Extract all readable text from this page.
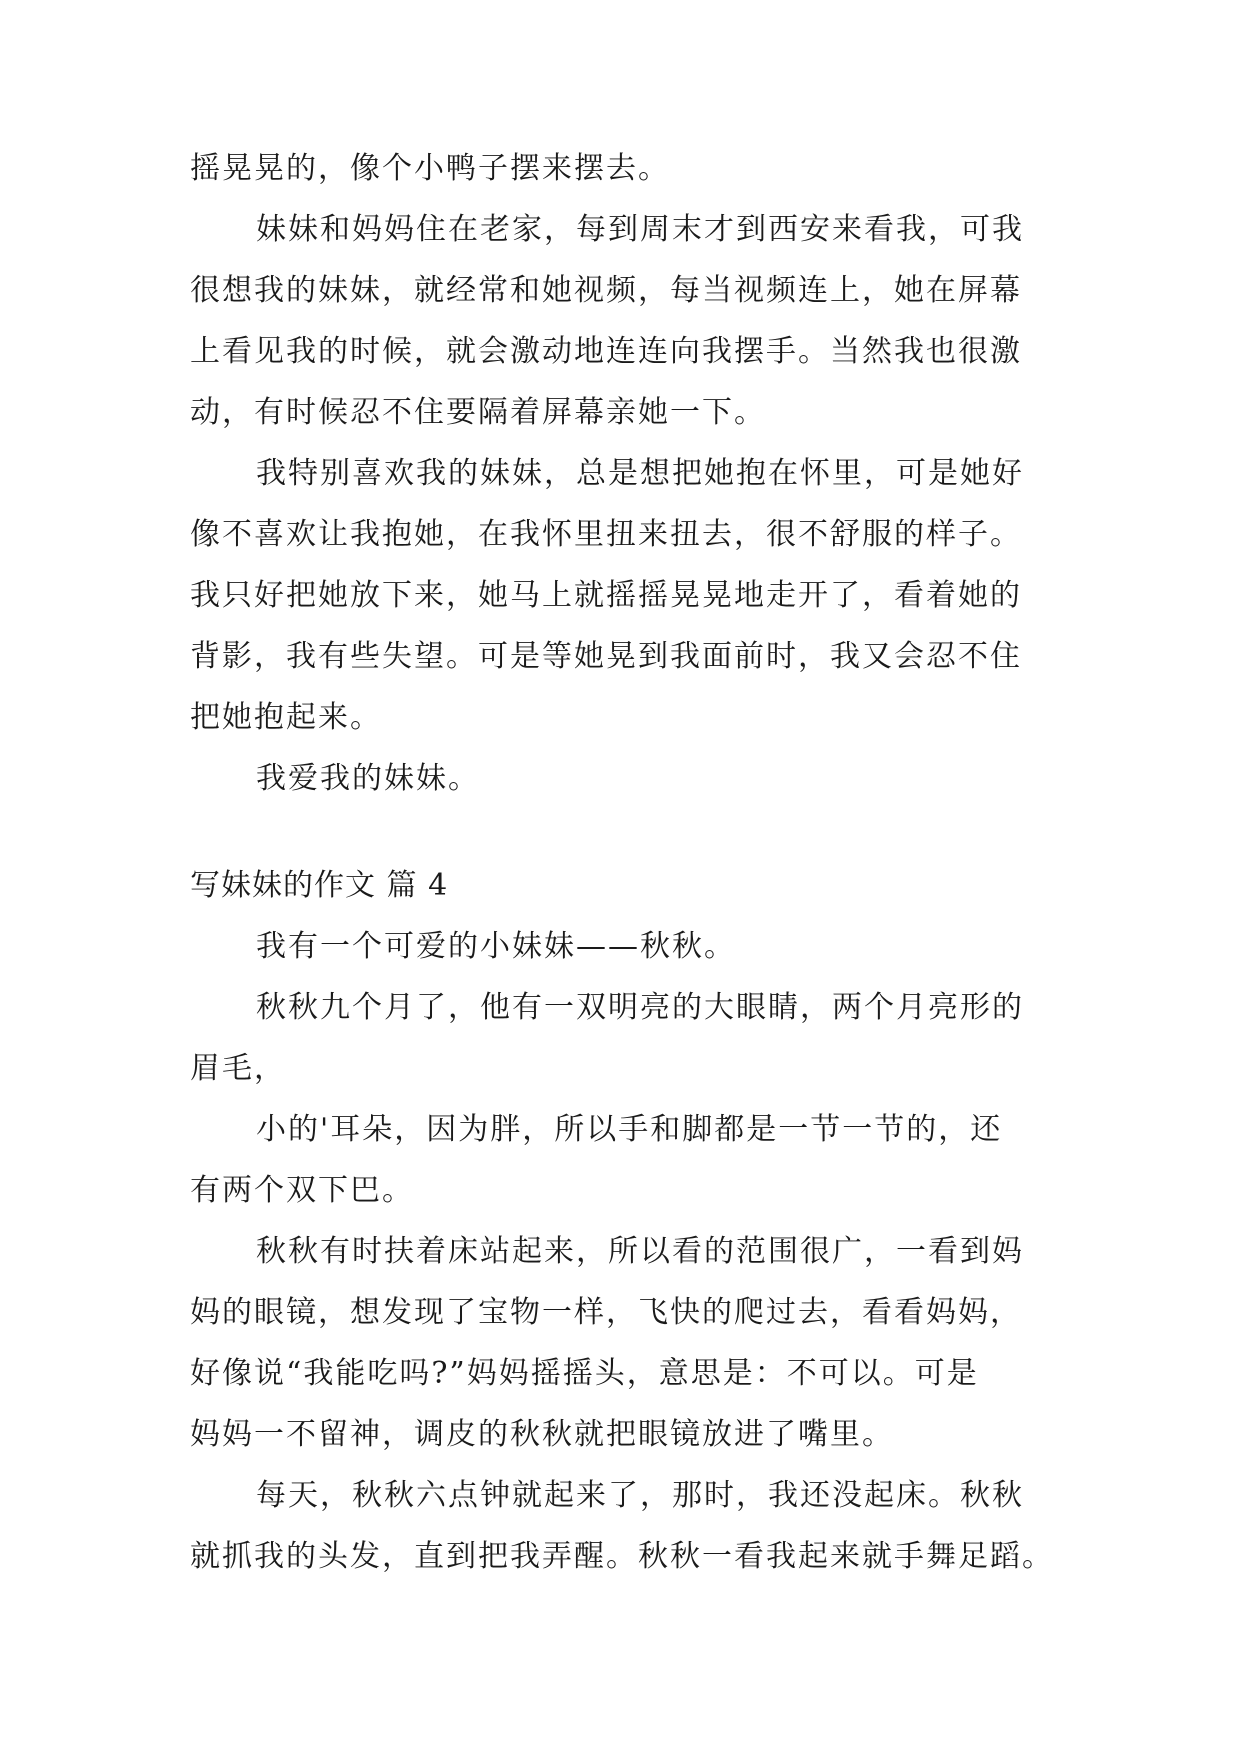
摇晃晃的，像个小鸭子摆来摆去。
妹妹和妈妈住在老家，每到周末才到西安来看我，可我
很想我的妹妹，就经常和她视频，每当视频连上，她在屏幕
上看见我的时候，就会激动地连连向我摆手。当然我也很激
动，有时候忍不住要隔着屏幕亲她一下。
我特别喜欢我的妹妹，总是想把她抱在怀里，可是她好
像不喜欢让我抱她，在我怀里扭来扭去，很不舒服的样子。
我只好把她放下来，她马上就摇摇晃晃地走开了，看着她的
背影，我有些失望。可是等她晃到我面前时，我又会忍不住
把她抱起来。
我爱我的妹妹。
写妹妹的作文 篇 4
我有一个可爱的小妹妹——秋秋。
秋秋九个月了，他有一双明亮的大眼睛，两个月亮形的
眉毛，
小的'耳朵，因为胖，所以手和脚都是一节一节的，还
有两个双下巴。
秋秋有时扶着床站起来，所以看的范围很广，一看到妈
妈的眼镜，想发现了宝物一样，飞快的爬过去，看看妈妈，
好像说“我能吃吗?”妈妈摇摇头，意思是：不可以。可是
妈妈一不留神，调皮的秋秋就把眼镜放进了嘴里。
每天，秋秋六点钟就起来了，那时，我还没起床。秋秋
就抓我的头发，直到把我弄醒。秋秋一看我起来就手舞足蹈。
